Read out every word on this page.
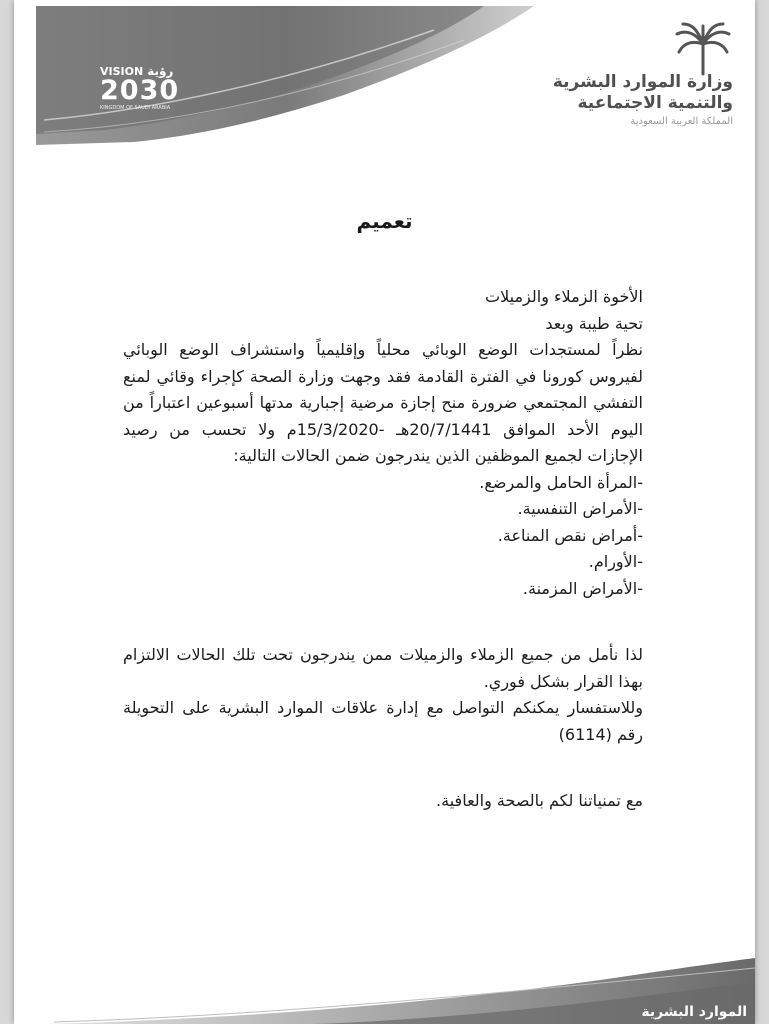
VISION رؤية
2030
KINGDOM OF SAUDI ARABIA
وزارة الموارد البشرية
والتنمية الاجتماعية
المملكة العربية السعودية
تعميم

الأخوة الزملاء والزميلات

تحية طيبة وبعد

نظراً لمستجدات الوضع الوبائي محلياً وإقليمياً واستشراف الوضع الوبائي لفيروس كورونا في الفترة القادمة فقد وجهت وزارة الصحة كإجراء وقائي لمنع التفشي المجتمعي ضرورة منح إجازة مرضية إجبارية مدتها أسبوعين اعتباراً من اليوم الأحد الموافق 20/7/1441هـ -15/3/2020م ولا تحسب من رصيد الإجازات لجميع الموظفين الذين يندرجون ضمن الحالات التالية:

-المرأة الحامل والمرضع.
-الأمراض التنفسية.
-أمراض نقص المناعة.
-الأورام.
-الأمراض المزمنة.

لذا نأمل من جميع الزملاء والزميلات ممن يندرجون تحت تلك الحالات الالتزام بهذا القرار بشكل فوري.

وللاستفسار يمكنكم التواصل مع إدارة علاقات الموارد البشرية على التحويلة رقم (6114)

مع تمنياتنا لكم بالصحة والعافية.

الموارد البشرية
